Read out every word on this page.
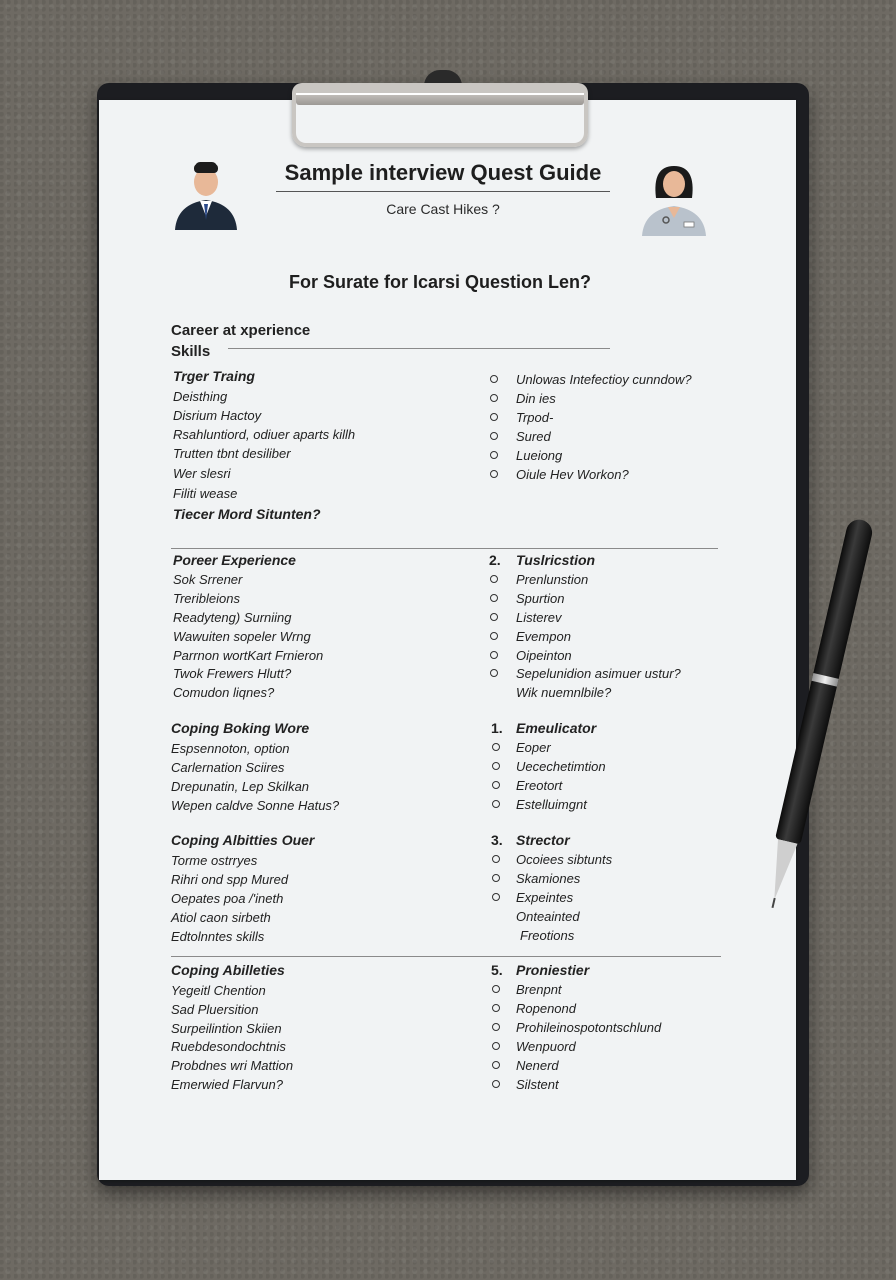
Sample interview Quest Guide
Care Cast Hikes ?
For Surate for Icarsi Question Len?
Career at xperience
Skills
Trger Traing
Deisthing
Disrium Hactoy
Rsahluntiord, odiuer aparts killh
Trutten tbnt desiliber
Wer slesri
Filiti wease
Tiecer Mord Situnten?
Unlowas Intefectioy cunndow?
Din ies
Trpod-
Sured
Lueiong
Oiule Hev Workon?
Poreer Experience
Sok Srrener
Treribleions
Readyteng) Surniing
Wawuiten sopeler Wrng
Parrnon wortKart Frnieron
Twok Frewers Hlutt?
Comudon liqnes?
2. Tuslricstion
Prenlunstion
Spurtion
Listerev
Evempon
Oipeinton
Sepelunidion asimuer ustur?
Wik nuemnlbile?
Coping Boking Wore
Espsennoton, option
Carlernation Sciires
Drepunatin, Lep Skilkan
Wepen caldve Sonne Hatus?
1. Emeulicator
Eoper
Uecechetimtion
Ereotort
Estelluimgnt
Coping Albitties Ouer
Torme ostrryes
Rihri ond spp Mured
Oepates poa /'ineth
Atiol caon sirbeth
Edtolnntes skills
3. Strector
Ocoiees sibtunts
Skamiones
Expeintes
Onteainted
Freotions
Coping Abilleties
Yegeitl Chention
Sad Pluersition
Surpeilintion Skiien
Ruebdesondochtnis
Probdnes wri Mattion
Emerwied Flarvun?
5. Proniestier
Brenpnt
Ropenond
Prohileinospotontschlund
Wenpuord
Nenerd
Silstent
